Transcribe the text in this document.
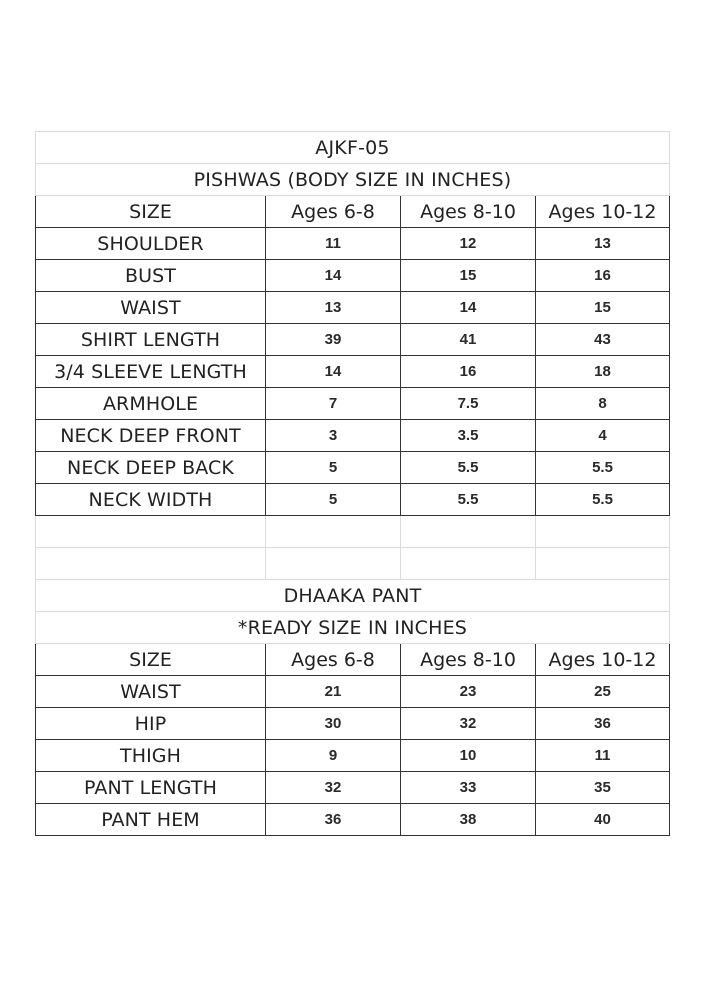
AJKF-05			
PISHWAS (BODY SIZE IN INCHES)			
SIZE	Ages 6-8	Ages 8-10	Ages 10-12
SHOULDER	11	12	13
BUST	14	15	16
WAIST	13	14	15
SHIRT LENGTH	39	41	43
3/4 SLEEVE LENGTH	14	16	18
ARMHOLE	7	7.5	8
NECK DEEP FRONT	3	3.5	4
NECK DEEP BACK	5	5.5	5.5
NECK WIDTH	5	5.5	5.5

DHAAKA PANT			
*READY SIZE IN INCHES			
SIZE	Ages 6-8	Ages 8-10	Ages 10-12
WAIST	21	23	25
HIP	30	32	36
THIGH	9	10	11
PANT LENGTH	32	33	35
PANT HEM	36	38	40
